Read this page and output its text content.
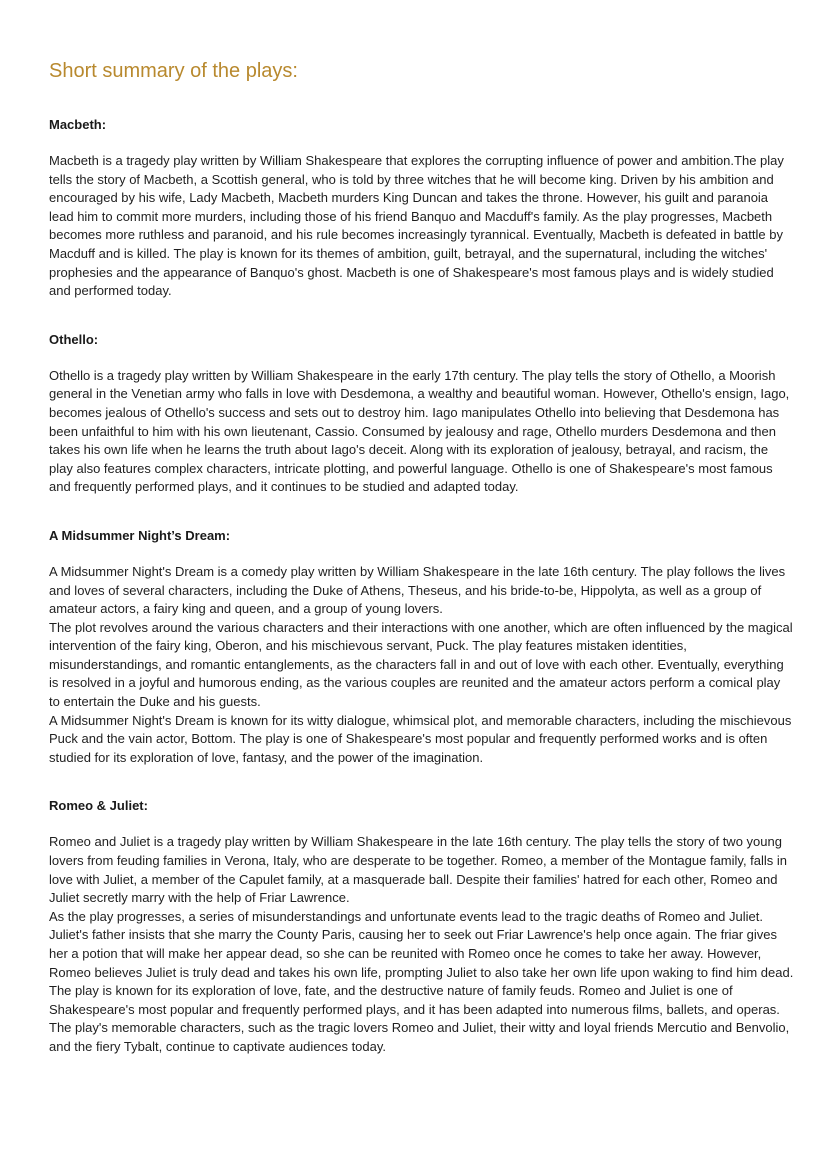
Short summary of the plays:
Macbeth:

Macbeth is a tragedy play written by William Shakespeare that explores the corrupting influence of power and ambition.The play tells the story of Macbeth, a Scottish general, who is told by three witches that he will become king. Driven by his ambition and encouraged by his wife, Lady Macbeth, Macbeth murders King Duncan and takes the throne. However, his guilt and paranoia lead him to commit more murders, including those of his friend Banquo and Macduff's family. As the play progresses, Macbeth becomes more ruthless and paranoid, and his rule becomes increasingly tyrannical. Eventually, Macbeth is defeated in battle by Macduff and is killed. The play is known for its themes of ambition, guilt, betrayal, and the supernatural, including the witches' prophesies and the appearance of Banquo's ghost. Macbeth is one of Shakespeare's most famous plays and is widely studied and performed today.

Othello:

Othello is a tragedy play written by William Shakespeare in the early 17th century. The play tells the story of Othello, a Moorish general in the Venetian army who falls in love with Desdemona, a wealthy and beautiful woman. However, Othello's ensign, Iago, becomes jealous of Othello's success and sets out to destroy him. Iago manipulates Othello into believing that Desdemona has been unfaithful to him with his own lieutenant, Cassio. Consumed by jealousy and rage, Othello murders Desdemona and then takes his own life when he learns the truth about Iago's deceit. Along with its exploration of jealousy, betrayal, and racism, the play also features complex characters, intricate plotting, and powerful language. Othello is one of Shakespeare's most famous and frequently performed plays, and it continues to be studied and adapted today.

A Midsummer Night’s Dream:

A Midsummer Night's Dream is a comedy play written by William Shakespeare in the late 16th century. The play follows the lives and loves of several characters, including the Duke of Athens, Theseus, and his bride-to-be, Hippolyta, as well as a group of amateur actors, a fairy king and queen, and a group of young lovers.

The plot revolves around the various characters and their interactions with one another, which are often influenced by the magical intervention of the fairy king, Oberon, and his mischievous servant, Puck. The play features mistaken identities, misunderstandings, and romantic entanglements, as the characters fall in and out of love with each other. Eventually, everything is resolved in a joyful and humorous ending, as the various couples are reunited and the amateur actors perform a comical play to entertain the Duke and his guests.

A Midsummer Night's Dream is known for its witty dialogue, whimsical plot, and memorable characters, including the mischievous Puck and the vain actor, Bottom. The play is one of Shakespeare's most popular and frequently performed works and is often studied for its exploration of love, fantasy, and the power of the imagination.

Romeo & Juliet:

Romeo and Juliet is a tragedy play written by William Shakespeare in the late 16th century. The play tells the story of two young lovers from feuding families in Verona, Italy, who are desperate to be together. Romeo, a member of the Montague family, falls in love with Juliet, a member of the Capulet family, at a masquerade ball. Despite their families' hatred for each other, Romeo and Juliet secretly marry with the help of Friar Lawrence.

As the play progresses, a series of misunderstandings and unfortunate events lead to the tragic deaths of Romeo and Juliet. Juliet's father insists that she marry the County Paris, causing her to seek out Friar Lawrence's help once again. The friar gives her a potion that will make her appear dead, so she can be reunited with Romeo once he comes to take her away. However, Romeo believes Juliet is truly dead and takes his own life, prompting Juliet to also take her own life upon waking to find him dead.

The play is known for its exploration of love, fate, and the destructive nature of family feuds. Romeo and Juliet is one of Shakespeare's most popular and frequently performed plays, and it has been adapted into numerous films, ballets, and operas. The play's memorable characters, such as the tragic lovers Romeo and Juliet, their witty and loyal friends Mercutio and Benvolio, and the fiery Tybalt, continue to captivate audiences today.
